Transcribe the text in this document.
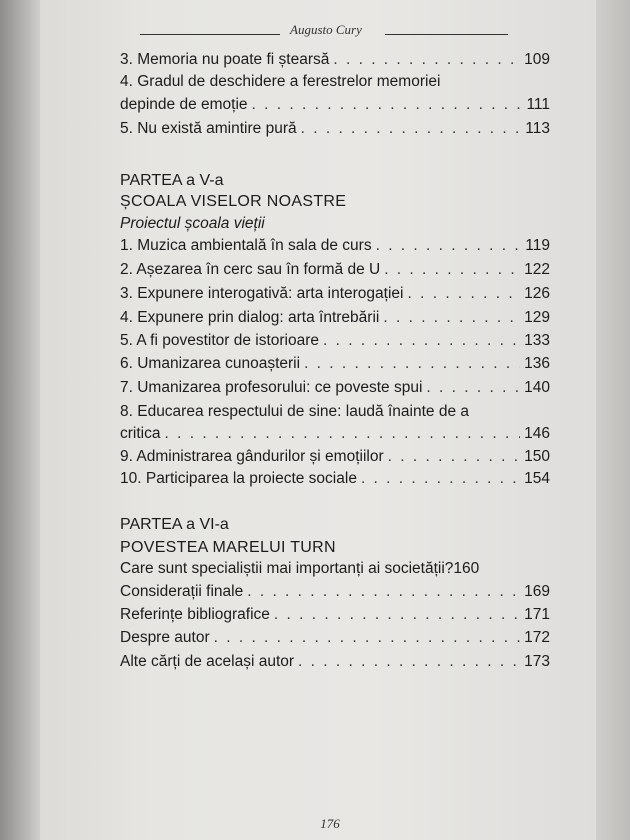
Augusto Cury
3. Memoria nu poate fi ștearsă . . .	109
4. Gradul de deschidere a ferestrelor memoriei
depinde de emoție . . .	111
5. Nu există amintire pură . . .	113
PARTEA a V-a
ȘCOALA VISELOR NOASTRE
Proiectul școala vieții
1. Muzica ambientală în sala de curs . . .	119
2. Așezarea în cerc sau în formă de U . . .	122
3. Expunere interogativă: arta interogației . . .	126
4. Expunere prin dialog: arta întrebării . . .	129
5. A fi povestitor de istorioare . . .	133
6. Umanizarea cunoașterii . . .	136
7. Umanizarea profesorului: ce poveste spui . . .	140
8. Educarea respectului de sine: laudă înainte de a
critica . . .	146
9. Administrarea gândurilor și emoțiilor . . .	150
10. Participarea la proiecte sociale . . .	154
PARTEA a VI-a
POVESTEA MARELUI TURN
Care sunt specialiștii mai importanți ai societății? 160
Considerații finale . . .	169
Referințe bibliografice . . .	171
Despre autor . . .	172
Alte cărți de același autor . . .	173
176
